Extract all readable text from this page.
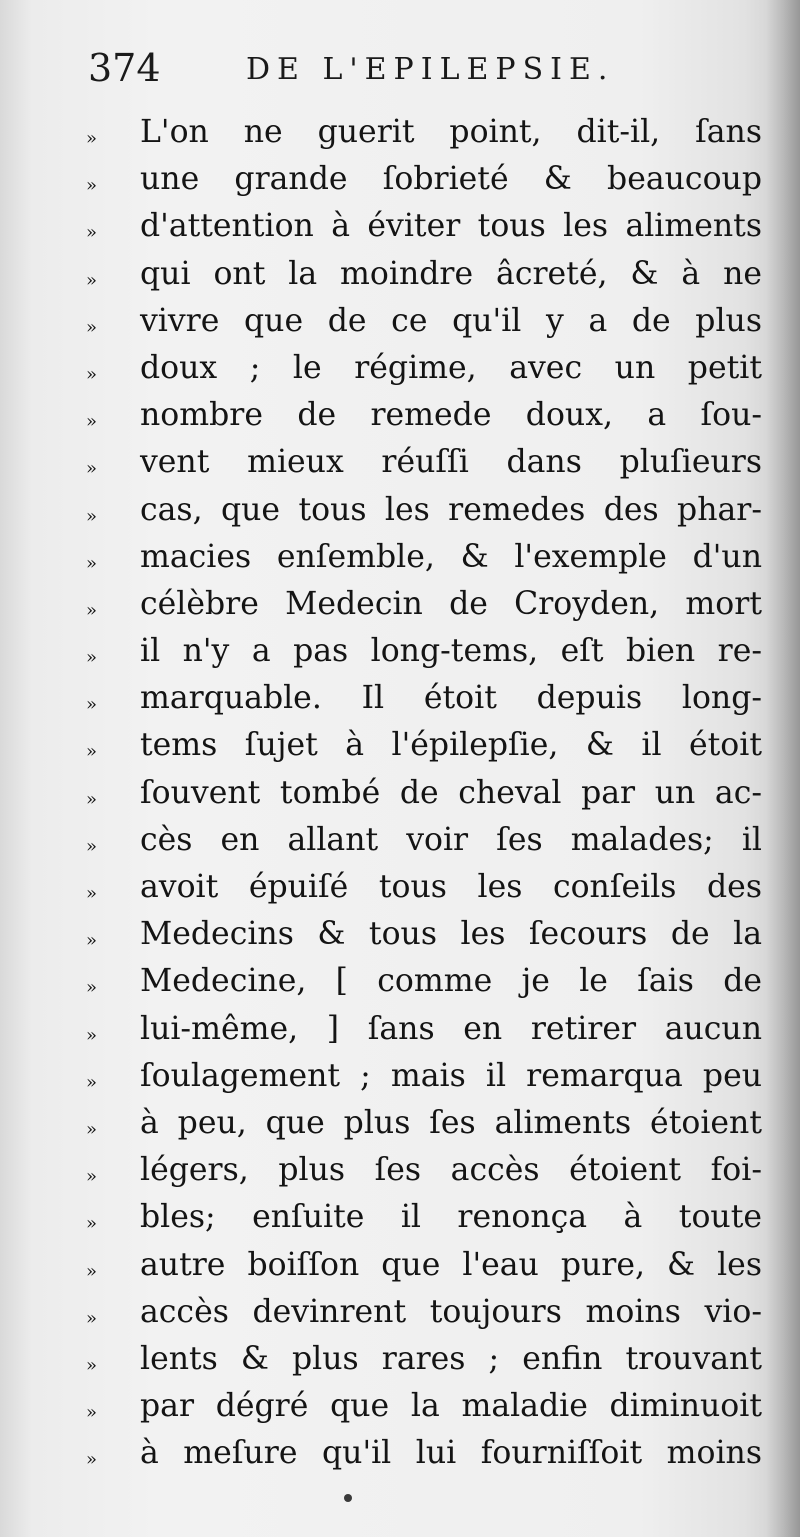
374	DE L'EPILEPSIE.
» L'on ne guerit point, dit-il, ſans
» une grande ſobrieté & beaucoup
» d'attention à éviter tous les aliments
» qui ont la moindre âcreté, & à ne
» vivre que de ce qu'il y a de plus
» doux ; le régime, avec un petit
» nombre de remede doux, a ſou-
» vent mieux réuſſi dans pluſieurs
» cas, que tous les remedes des phar-
» macies enſemble, & l'exemple d'un
» célèbre Medecin de Croyden, mort
» il n'y a pas long-tems, eſt bien re-
» marquable. Il étoit depuis long-
» tems ſujet à l'épilepſie, & il étoit
» ſouvent tombé de cheval par un ac-
» cès en allant voir ſes malades; il
» avoit épuiſé tous les conſeils des
» Medecins & tous les ſecours de la
» Medecine, [ comme je le ſais de
» lui-même, ] ſans en retirer aucun
» ſoulagement ; mais il remarqua peu
» à peu, que plus ſes aliments étoient
» légers, plus ſes accès étoient foi-
» bles; enſuite il renonça à toute
» autre boiſſon que l'eau pure, & les
» accès devinrent toujours moins vio-
» lents & plus rares ; enfin trouvant
» par dégré que la maladie diminuoit
» à meſure qu'il lui fourniſſoit moins
